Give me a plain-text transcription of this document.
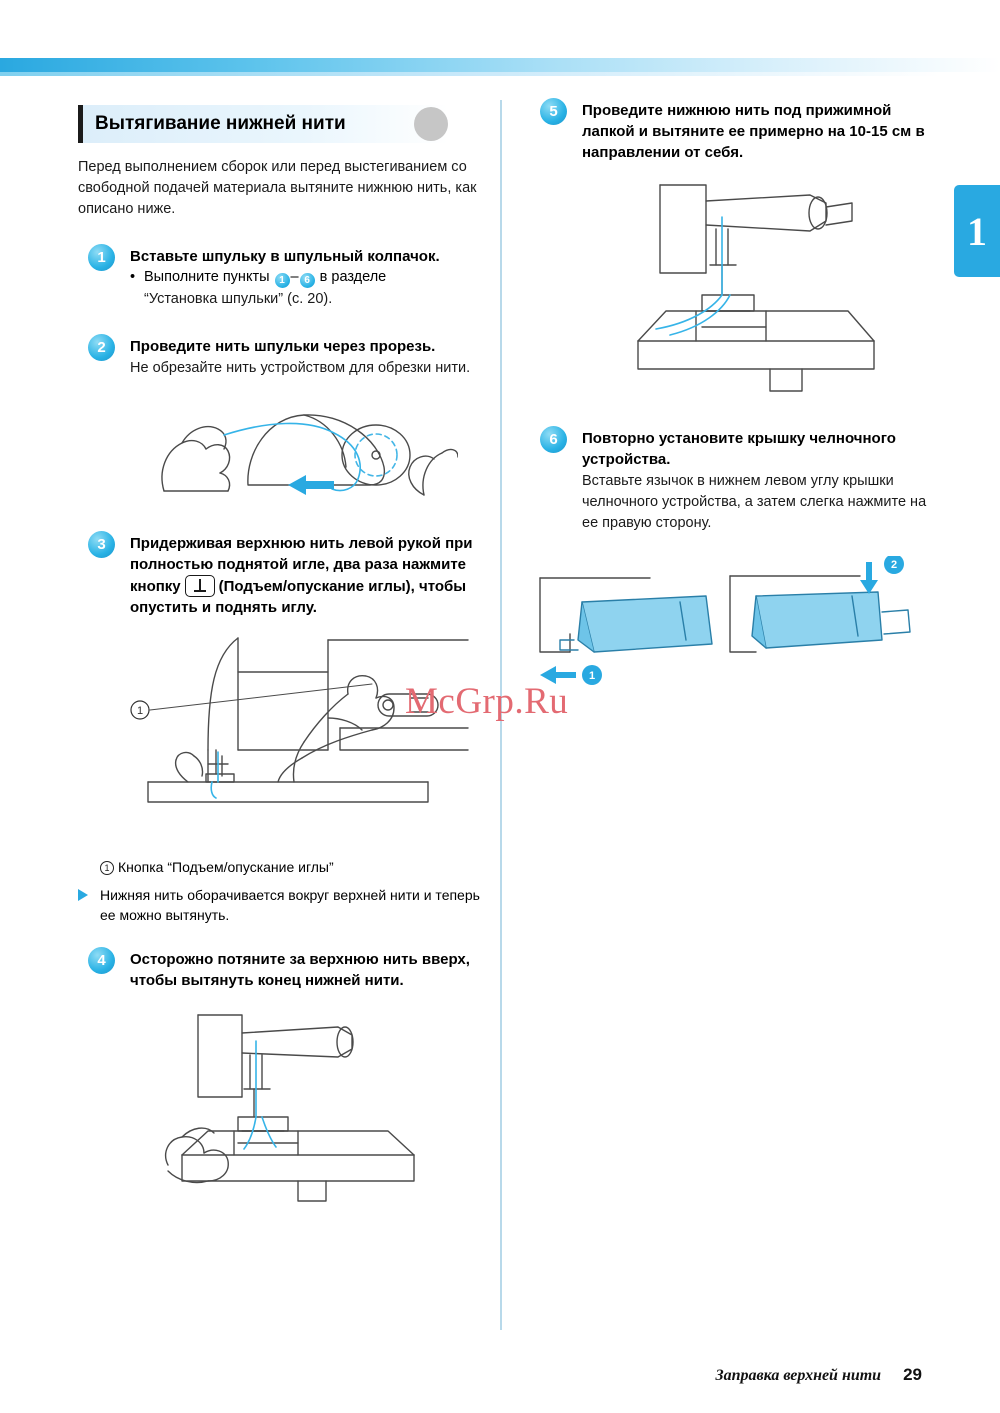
1
Вытягивание нижней нити
Перед выполнением сборок или перед выстегиванием со свободной подачей материала вытяните нижнюю нить, как описано ниже.
1	Вставьте шпульку в шпульный колпачок.
• Выполните пункты 1 – 6 в разделе
“Установка шпульки” (с. 20).
2	Проведите нить шпульки через прорезь.
Не обрезайте нить устройством для обрезки нити.
3	Придерживая верхнюю нить левой рукой при полностью поднятой игле, два раза нажмите кнопку	(Подъем/опускание иглы), чтобы опустить и поднять иглу.
1
1 Кнопка “Подъем/опускание иглы”
Нижняя нить оборачивается вокруг верхней нити и теперь ее можно вытянуть.
4	Осторожно потяните за верхнюю нить вверх, чтобы вытянуть конец нижней нити.
5	Проведите нижнюю нить под прижимной лапкой и вытяните ее примерно на 10-15 см в направлении от себя.
6	Повторно установите крышку челночного устройства.
Вставьте язычок в нижнем левом углу крышки челночного устройства, а затем слегка нажмите на ее правую сторону.
1
2
McGrp.Ru
Заправка верхней нити 29
